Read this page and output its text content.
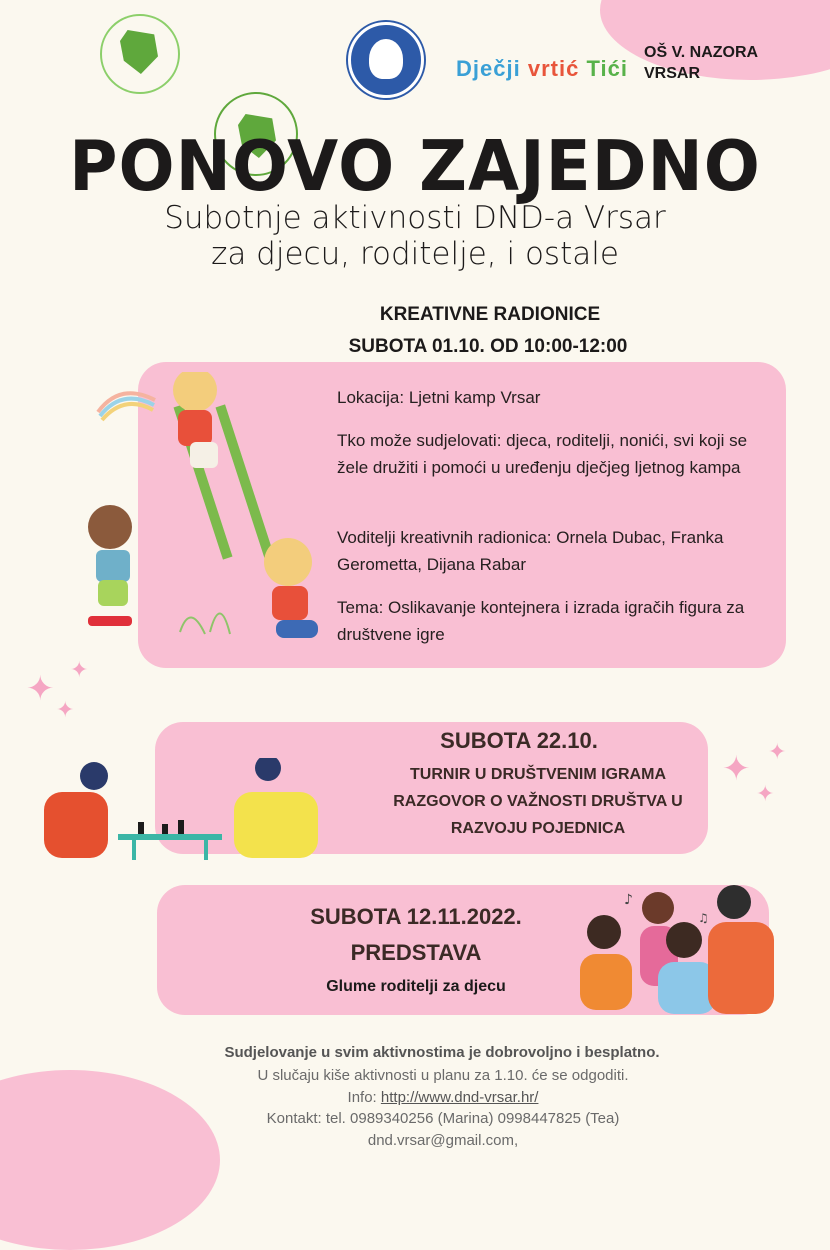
Dječji vrtić Tići
OŠ V. NAZORA
VRSAR
PONOVO ZAJEDNO
Subotnje aktivnosti DND-a Vrsar
za djecu, roditelje, i ostale
KREATIVNE RADIONICE
SUBOTA 01.10. OD 10:00-12:00
Lokacija: Ljetni kamp Vrsar
Tko može sudjelovati: djeca, roditelji, nonići, svi koji se žele družiti i pomoći u uređenju dječjeg ljetnog kampa
Voditelji kreativnih radionica: Ornela Dubac, Franka Gerometta, Dijana Rabar
Tema: Oslikavanje kontejnera i izrada igračih figura za društvene igre
✦ ✦
✦
✦ ✦
✦
SUBOTA 22.10.
TURNIR U DRUŠTVENIM IGRAMA
RAZGOVOR O VAŽNOSTI DRUŠTVA U
RAZVOJU POJEDNICA
SUBOTA 12.11.2022.
PREDSTAVA
Glume roditelji za djecu
♪
♫
Sudjelovanje u svim aktivnostima je dobrovoljno i besplatno.
U slučaju kiše aktivnosti u planu za 1.10. će se odgoditi.
Info: http://www.dnd-vrsar.hr/
Kontakt: tel. 0989340256 (Marina) 0998447825 (Tea)
dnd.vrsar@gmail.com,
